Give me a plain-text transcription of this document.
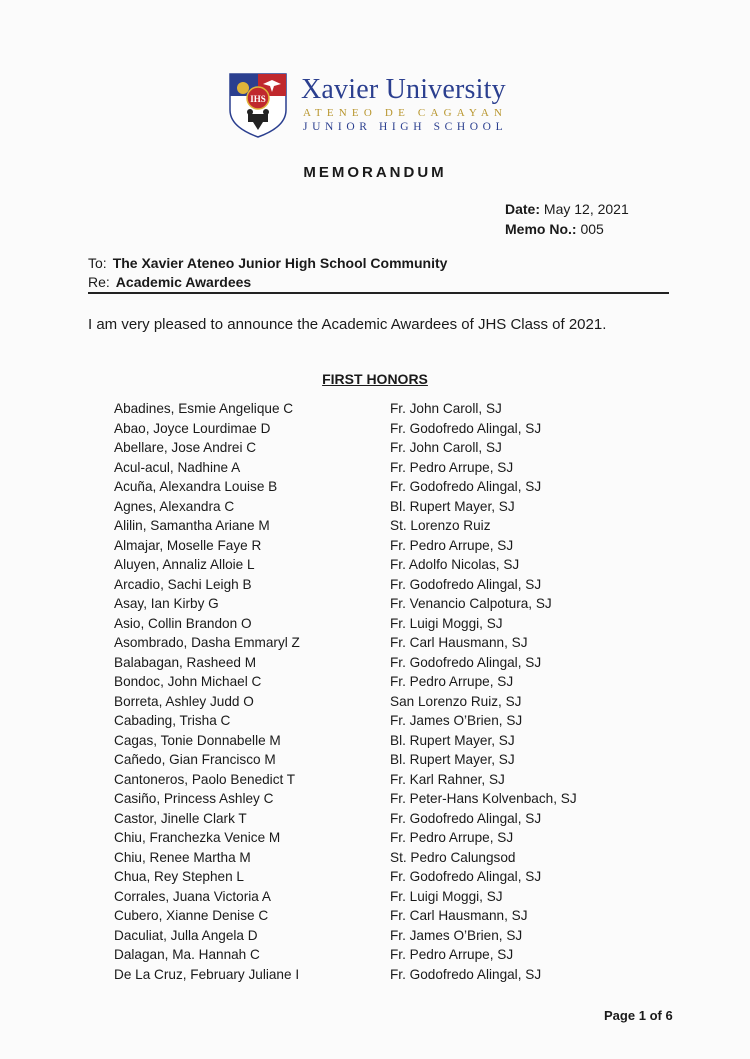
IHS Xavier University
ATENEO DE CAGAYAN
JUNIOR HIGH SCHOOL
MEMORANDUM
Date: May 12, 2021
Memo No.: 005
To: The Xavier Ateneo Junior High School Community
Re: Academic Awardees
I am very pleased to announce the Academic Awardees of JHS Class of 2021.
FIRST HONORS
Abadines, Esmie Angelique C	Fr. John Caroll, SJ
Abao, Joyce Lourdimae D	Fr. Godofredo Alingal, SJ
Abellare, Jose Andrei C	Fr. John Caroll, SJ
Acul-acul, Nadhine A	Fr. Pedro Arrupe, SJ
Acuña, Alexandra Louise B	Fr. Godofredo Alingal, SJ
Agnes, Alexandra C	Bl. Rupert Mayer, SJ
Alilin, Samantha Ariane M	St. Lorenzo Ruiz
Almajar, Moselle Faye R	Fr. Pedro Arrupe, SJ
Aluyen, Annaliz Alloie L	Fr. Adolfo Nicolas, SJ
Arcadio, Sachi Leigh B	Fr. Godofredo Alingal, SJ
Asay, Ian Kirby G	Fr. Venancio Calpotura, SJ
Asio, Collin Brandon O	Fr. Luigi Moggi, SJ
Asombrado, Dasha Emmaryl Z	Fr. Carl Hausmann, SJ
Balabagan, Rasheed M	Fr. Godofredo Alingal, SJ
Bondoc, John Michael C	Fr. Pedro Arrupe, SJ
Borreta, Ashley Judd O	San Lorenzo Ruiz, SJ
Cabading, Trisha C	Fr. James O’Brien, SJ
Cagas, Tonie Donnabelle M	Bl. Rupert Mayer, SJ
Cañedo, Gian Francisco M	Bl. Rupert Mayer, SJ
Cantoneros, Paolo Benedict T	Fr. Karl Rahner, SJ
Casiño, Princess Ashley C	Fr. Peter-Hans Kolvenbach, SJ
Castor, Jinelle Clark T	Fr. Godofredo Alingal, SJ
Chiu, Franchezka Venice M	Fr. Pedro Arrupe, SJ
Chiu, Renee Martha M	St. Pedro Calungsod
Chua, Rey Stephen L	Fr. Godofredo Alingal, SJ
Corrales, Juana Victoria A	Fr. Luigi Moggi, SJ
Cubero, Xianne Denise C	Fr. Carl Hausmann, SJ
Daculiat, Julla Angela D	Fr. James O’Brien, SJ
Dalagan, Ma. Hannah C	Fr. Pedro Arrupe, SJ
De La Cruz, February Juliane I	Fr. Godofredo Alingal, SJ
Page 1 of 6
